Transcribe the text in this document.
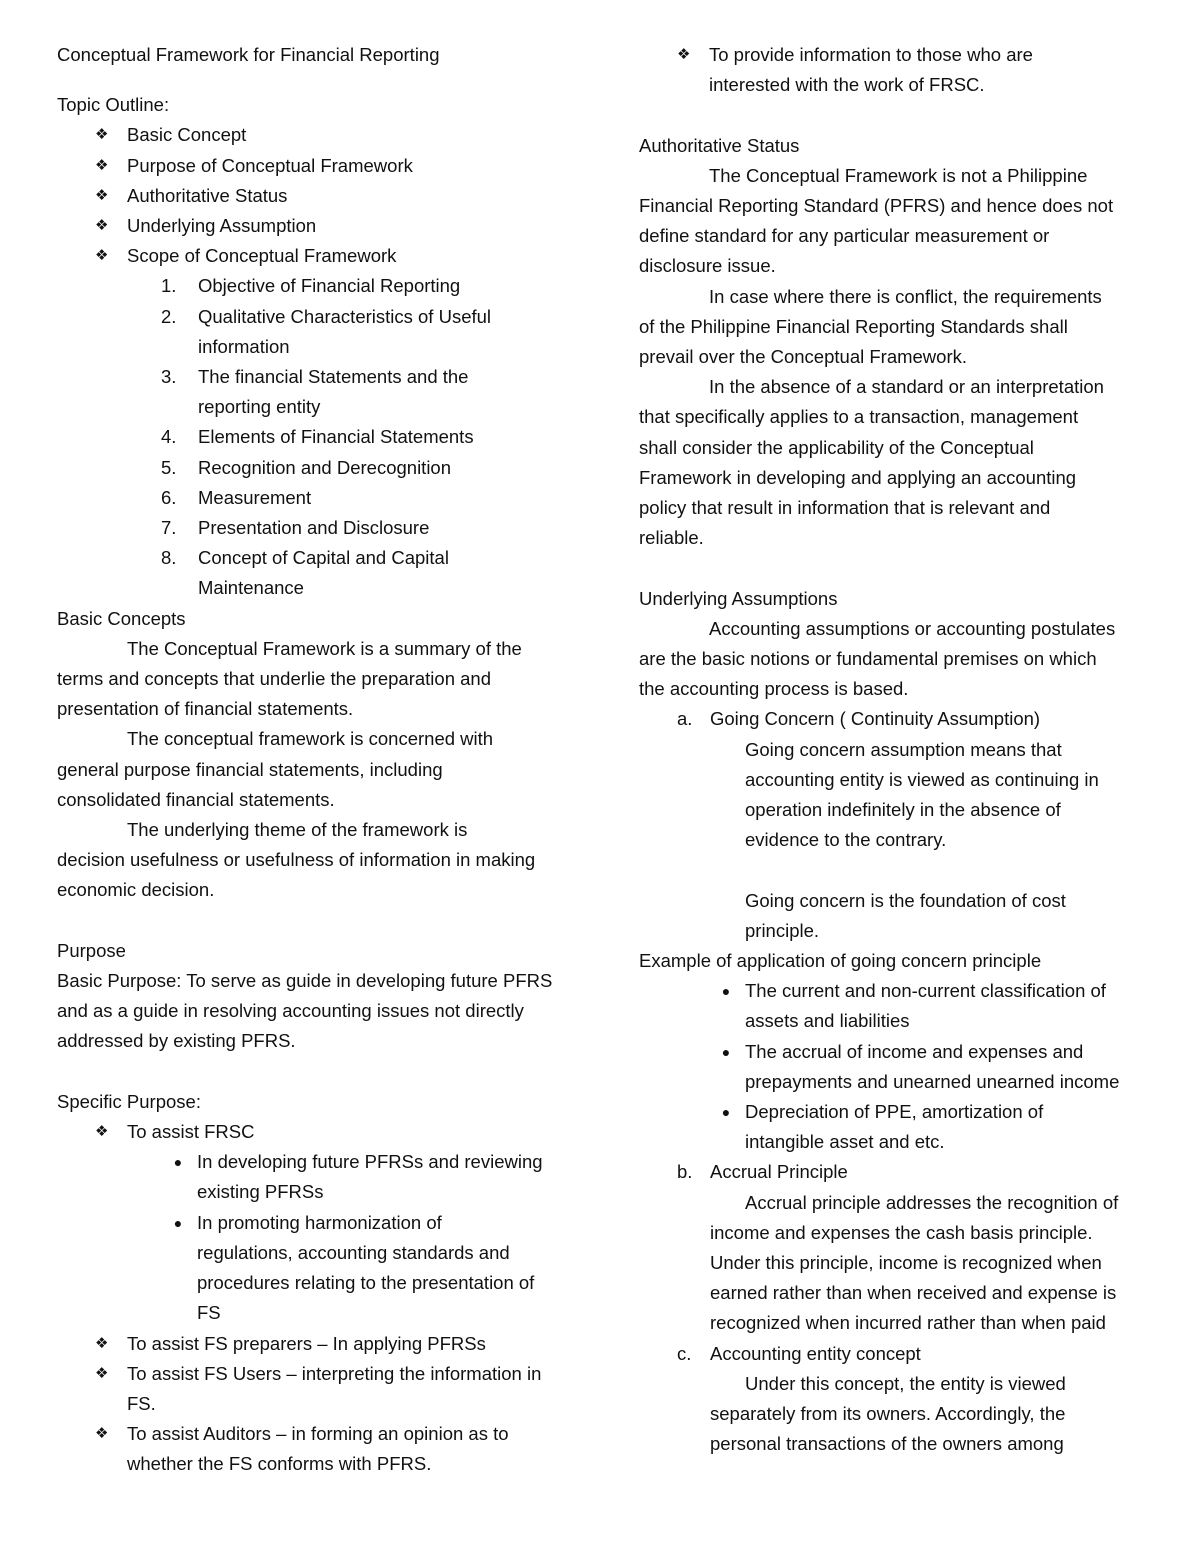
Conceptual Framework for Financial Reporting
Topic Outline:
❖	Basic Concept
❖	Purpose of Conceptual Framework
❖	Authoritative Status
❖	Underlying Assumption
❖	Scope of Conceptual Framework
1.	Objective of Financial Reporting
2.	Qualitative Characteristics of Useful
information
3.	The financial Statements and the
reporting entity
4.	Elements of Financial Statements
5.	Recognition and Derecognition
6.	Measurement
7.	Presentation and Disclosure
8.	Concept of Capital and Capital
Maintenance
Basic Concepts
The Conceptual Framework is a summary of the
terms and concepts that underlie the preparation and
presentation of financial statements.
The conceptual framework is concerned with
general purpose financial statements, including
consolidated financial statements.
The underlying theme of the framework is
decision usefulness or usefulness of information in making
economic decision.
Purpose
Basic Purpose: To serve as guide in developing future PFRS
and as a guide in resolving accounting issues not directly
addressed by existing PFRS.
Specific Purpose:
❖	To assist FRSC
● In developing future PFRSs and reviewing
existing PFRSs
● In promoting harmonization of
regulations, accounting standards and
procedures relating to the presentation of
FS
❖	To assist FS preparers – In applying PFRSs
❖	To assist FS Users – interpreting the information in
FS.
❖	To assist Auditors – in forming an opinion as to
whether the FS conforms with PFRS.
❖	To provide information to those who are
interested with the work of FRSC.
Authoritative Status
The Conceptual Framework is not a Philippine
Financial Reporting Standard (PFRS) and hence does not
define standard for any particular measurement or
disclosure issue.
In case where there is conflict, the requirements
of the Philippine Financial Reporting Standards shall
prevail over the Conceptual Framework.
In the absence of a standard or an interpretation
that specifically applies to a transaction, management
shall consider the applicability of the Conceptual
Framework in developing and applying an accounting
policy that result in information that is relevant and
reliable.
Underlying Assumptions
Accounting assumptions or accounting postulates
are the basic notions or fundamental premises on which
the accounting process is based.
a. Going Concern ( Continuity Assumption)
Going concern assumption means that
accounting entity is viewed as continuing in
operation indefinitely in the absence of
evidence to the contrary.
Going concern is the foundation of cost
principle.
Example of application of going concern principle
● The current and non-current classification of
assets and liabilities
● The accrual of income and expenses and
prepayments and unearned unearned income
● Depreciation of PPE, amortization of
intangible asset and etc.
b. Accrual Principle
Accrual principle addresses the recognition of
income and expenses the cash basis principle.
Under this principle, income is recognized when
earned rather than when received and expense is
recognized when incurred rather than when paid
c.	Accounting entity concept
Under this concept, the entity is viewed
separately from its owners. Accordingly, the
personal transactions of the owners among
